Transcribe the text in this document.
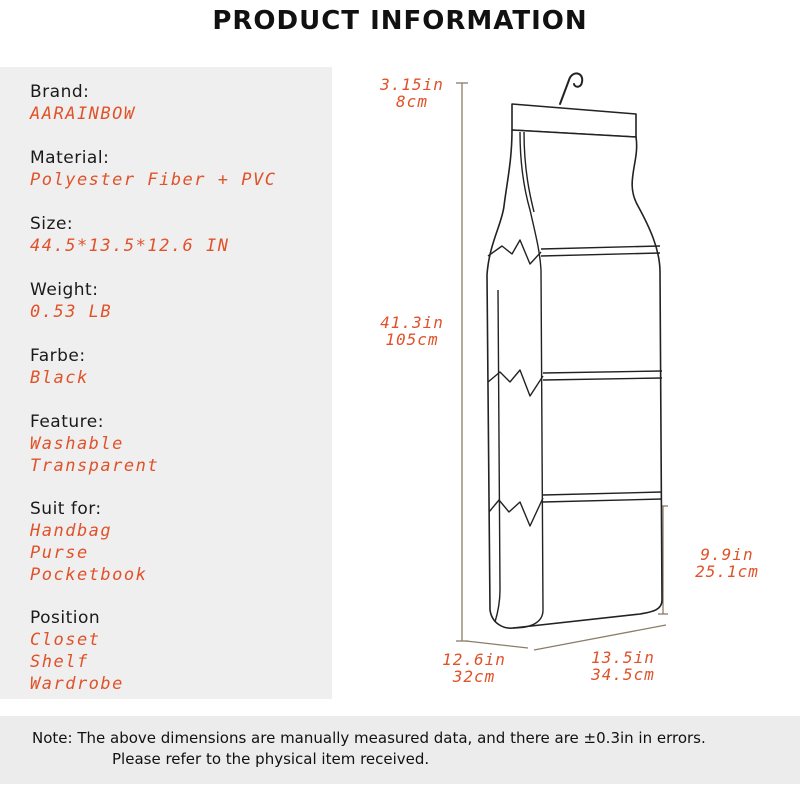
PRODUCT INFORMATION
Brand:
AARAINBOW
Material:
Polyester Fiber + PVC
Size:
44.5*13.5*12.6 IN
Weight:
0.53 LB
Farbe:
Black
Feature:
Washable
Transparent
Suit for:
Handbag
Purse
Pocketbook
Position
Closet
Shelf
Wardrobe
3.15in
8cm
41.3in
105cm
9.9in
25.1cm
12.6in
32cm
13.5in
34.5cm
Note: The above dimensions are manually measured data, and there are ±0.3in in errors.
Please refer to the physical item received.
